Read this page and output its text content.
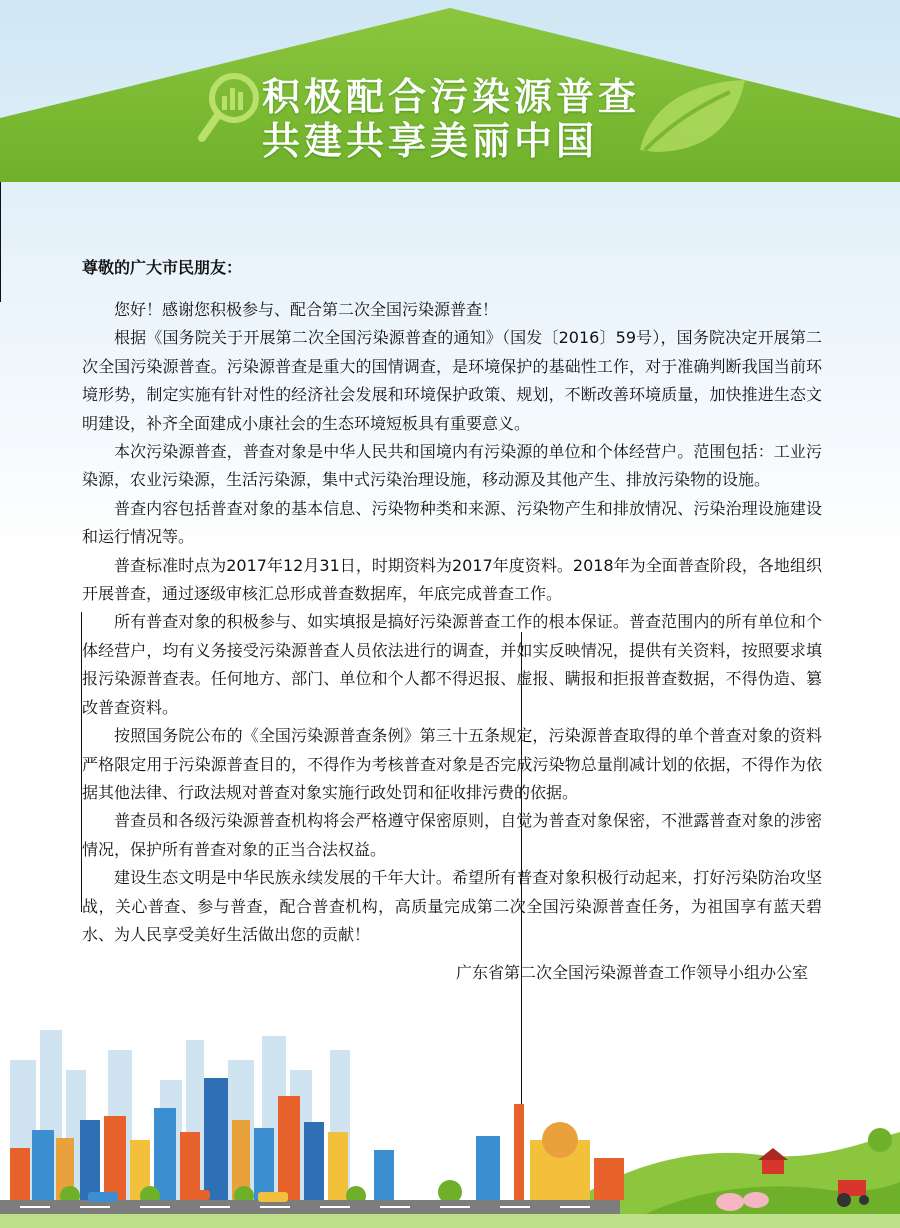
积极配合污染源普查
共建共享美丽中国

尊敬的广大市民朋友：

您好！感谢您积极参与、配合第二次全国污染源普查！

根据《国务院关于开展第二次全国污染源普查的通知》（国发〔2016〕59号），国务院决定开展第二次全国污染源普查。污染源普查是重大的国情调查，是环境保护的基础性工作，对于准确判断我国当前环境形势，制定实施有针对性的经济社会发展和环境保护政策、规划，不断改善环境质量，加快推进生态文明建设，补齐全面建成小康社会的生态环境短板具有重要意义。

本次污染源普查，普查对象是中华人民共和国境内有污染源的单位和个体经营户。范围包括：工业污染源，农业污染源，生活污染源，集中式污染治理设施，移动源及其他产生、排放污染物的设施。

普查内容包括普查对象的基本信息、污染物种类和来源、污染物产生和排放情况、污染治理设施建设和运行情况等。

普查标准时点为2017年12月31日，时期资料为2017年度资料。2018年为全面普查阶段，各地组织开展普查，通过逐级审核汇总形成普查数据库，年底完成普查工作。

所有普查对象的积极参与、如实填报是搞好污染源普查工作的根本保证。普查范围内的所有单位和个体经营户，均有义务接受污染源普查人员依法进行的调查，并如实反映情况，提供有关资料，按照要求填报污染源普查表。任何地方、部门、单位和个人都不得迟报、虚报、瞒报和拒报普查数据，不得伪造、篡改普查资料。

按照国务院公布的《全国污染源普查条例》第三十五条规定，污染源普查取得的单个普查对象的资料严格限定用于污染源普查目的，不得作为考核普查对象是否完成污染物总量削减计划的依据，不得作为依据其他法律、行政法规对普查对象实施行政处罚和征收排污费的依据。

普查员和各级污染源普查机构将会严格遵守保密原则，自觉为普查对象保密，不泄露普查对象的涉密情况，保护所有普查对象的正当合法权益。

建设生态文明是中华民族永续发展的千年大计。希望所有普查对象积极行动起来，打好污染防治攻坚战，关心普查、参与普查，配合普查机构，高质量完成第二次全国污染源普查任务，为祖国享有蓝天碧水、为人民享受美好生活做出您的贡献！

广东省第二次全国污染源普查工作领导小组办公室
